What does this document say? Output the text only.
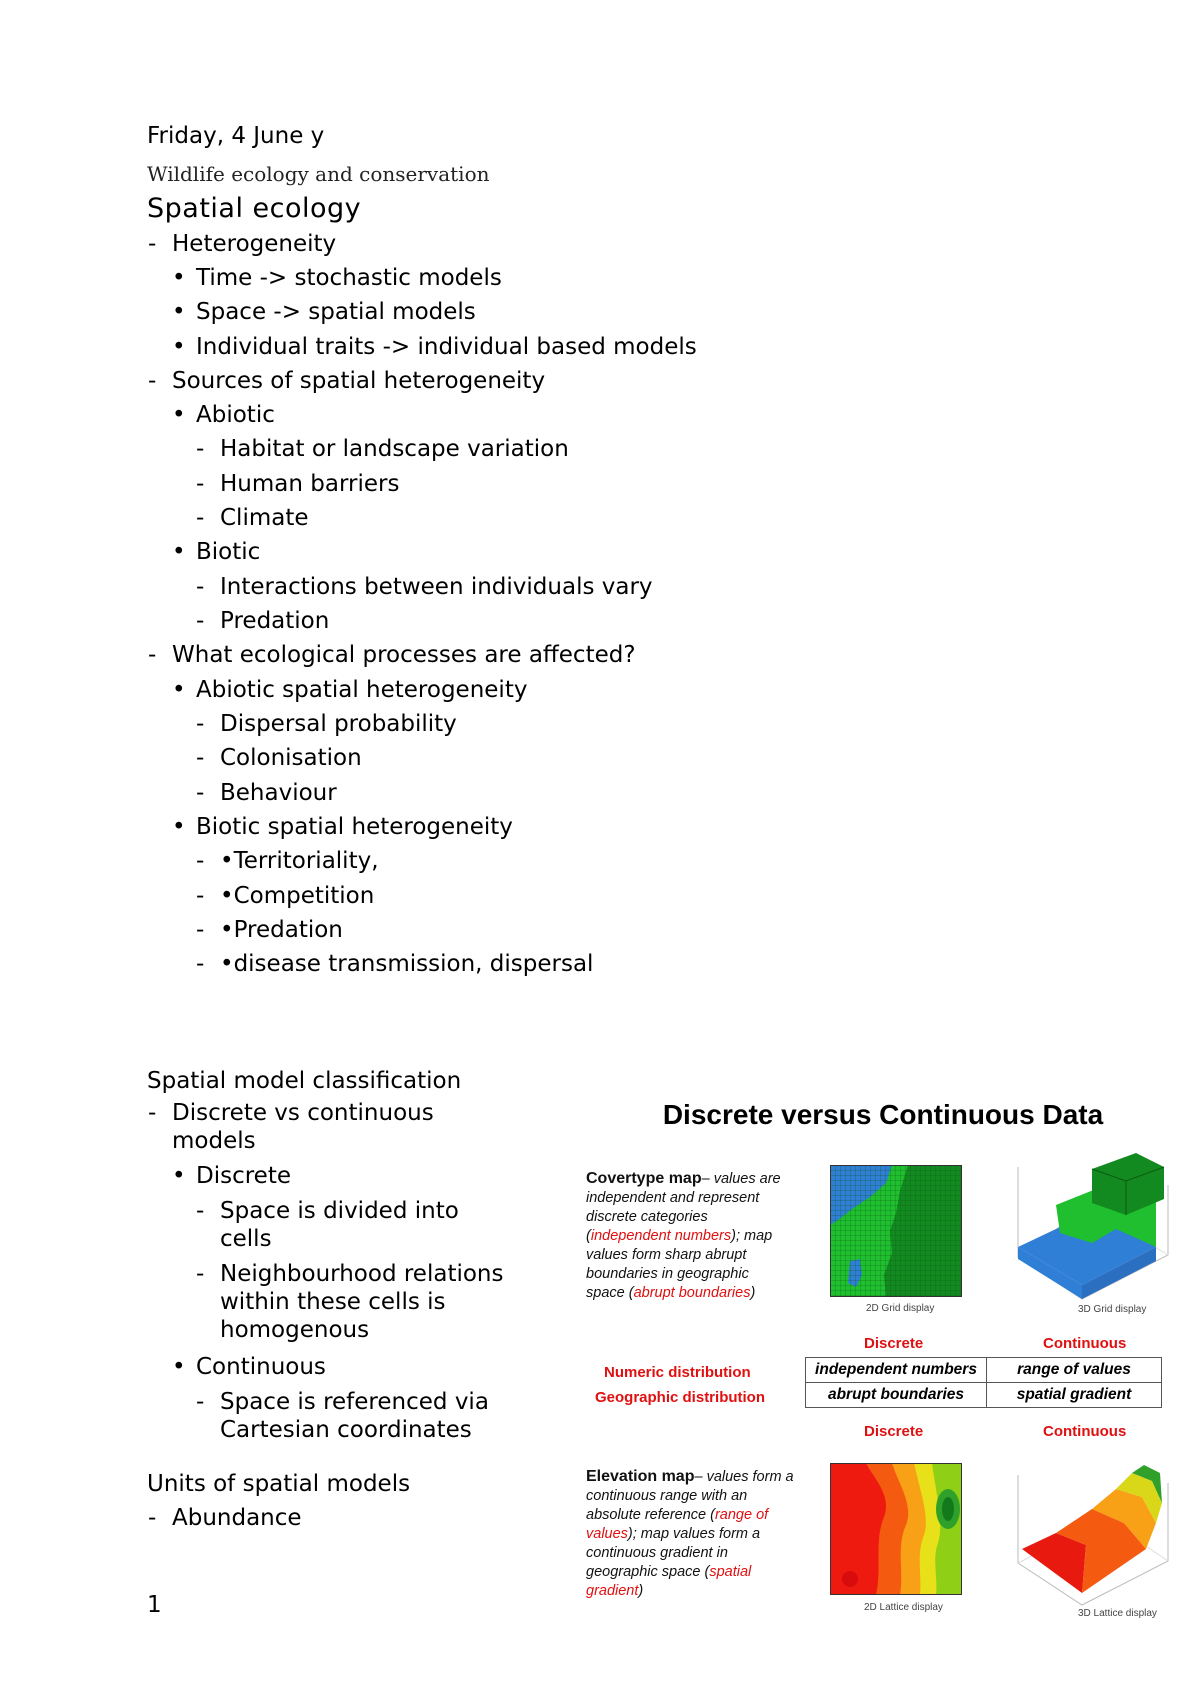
Friday, 4 June y
Wildlife ecology and conservation
Spatial ecology
- Heterogeneity
• Time -> stochastic models
• Space -> spatial models
• Individual traits -> individual based models
- Sources of spatial heterogeneity
• Abiotic
- Habitat or landscape variation
- Human barriers
- Climate
• Biotic
- Interactions between individuals vary
- Predation
- What ecological processes are affected?
• Abiotic spatial heterogeneity
- Dispersal probability
- Colonisation
- Behaviour
• Biotic spatial heterogeneity
- •Territoriality,
- •Competition
- •Predation
- •disease transmission, dispersal
Spatial model classification
- Discrete vs continuous models
• Discrete
- Space is divided into cells
- Neighbourhood relations within these cells is homogenous
• Continuous
- Space is referenced via Cartesian coordinates
Units of spatial models
- Abundance
1
Discrete versus Continuous Data
Covertype map– values are independent and represent discrete categories (independent numbers); map values form sharp abrupt boundaries in geographic space (abrupt boundaries)
2D Grid display	3D Grid display
Discrete	Continuous
Numeric distribution
Geographic distribution
independent numbers	range of values
abrupt boundaries	spatial gradient
Discrete	Continuous
Elevation map– values form a continuous range with an absolute reference (range of values); map values form a continuous gradient in geographic space (spatial gradient)
2D Lattice display
3D Lattice display
